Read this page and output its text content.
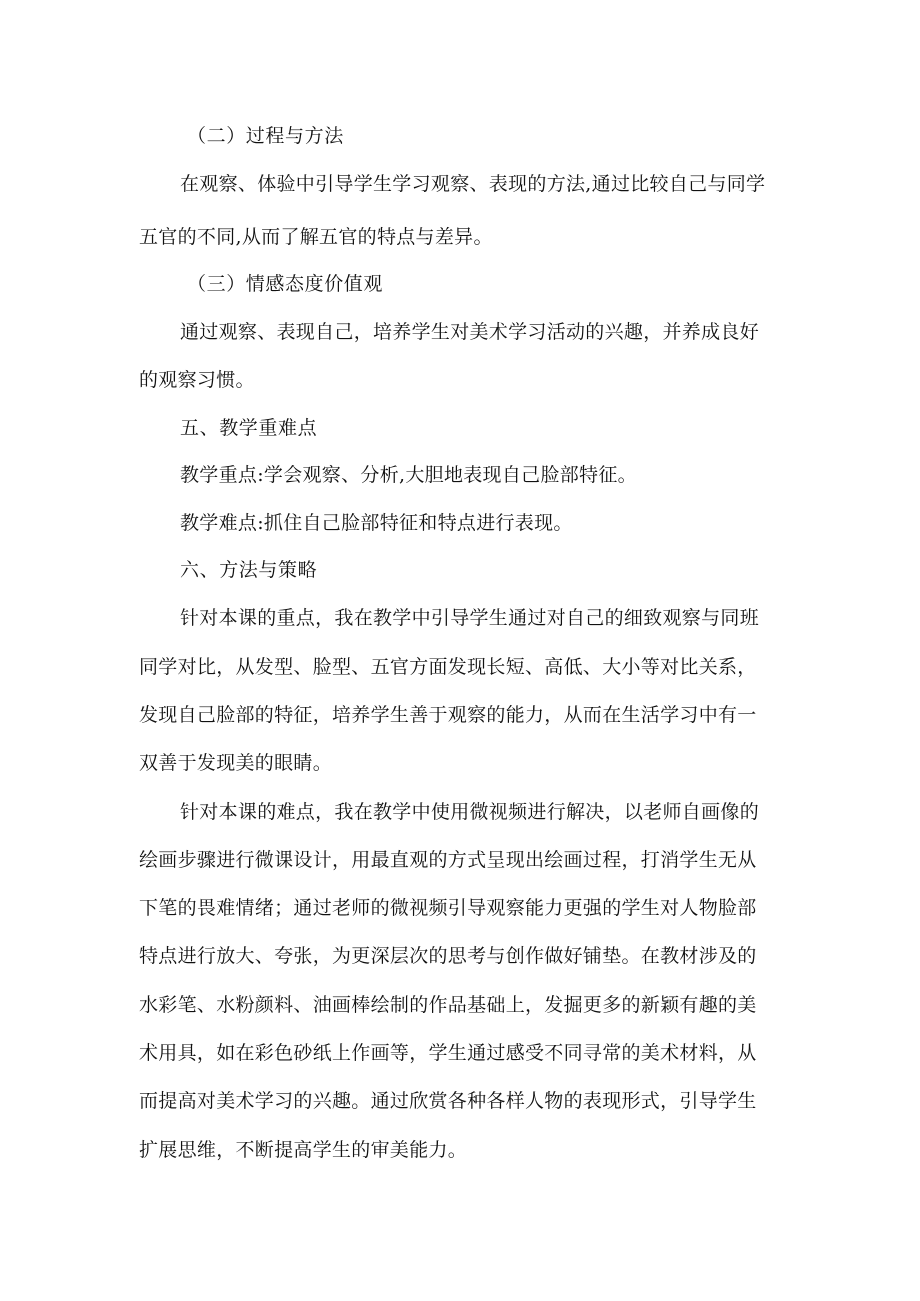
（二）过程与方法
在观察、体验中引导学生学习观察、表现的方法,通过比较自己与同学
五官的不同,从而了解五官的特点与差异。
（三）情感态度价值观
通过观察、表现自己，培养学生对美术学习活动的兴趣，并养成良好
的观察习惯。
五、教学重难点
教学重点:学会观察、分析,大胆地表现自己脸部特征。
教学难点:抓住自己脸部特征和特点进行表现。
六、方法与策略
针对本课的重点，我在教学中引导学生通过对自己的细致观察与同班
同学对比，从发型、脸型、五官方面发现长短、高低、大小等对比关系，
发现自己脸部的特征，培养学生善于观察的能力，从而在生活学习中有一
双善于发现美的眼睛。
针对本课的难点，我在教学中使用微视频进行解决，以老师自画像的
绘画步骤进行微课设计，用最直观的方式呈现出绘画过程，打消学生无从
下笔的畏难情绪；通过老师的微视频引导观察能力更强的学生对人物脸部
特点进行放大、夸张，为更深层次的思考与创作做好铺垫。在教材涉及的
水彩笔、水粉颜料、油画棒绘制的作品基础上，发掘更多的新颖有趣的美
术用具，如在彩色砂纸上作画等，学生通过感受不同寻常的美术材料，从
而提高对美术学习的兴趣。通过欣赏各种各样人物的表现形式，引导学生
扩展思维，不断提高学生的审美能力。
